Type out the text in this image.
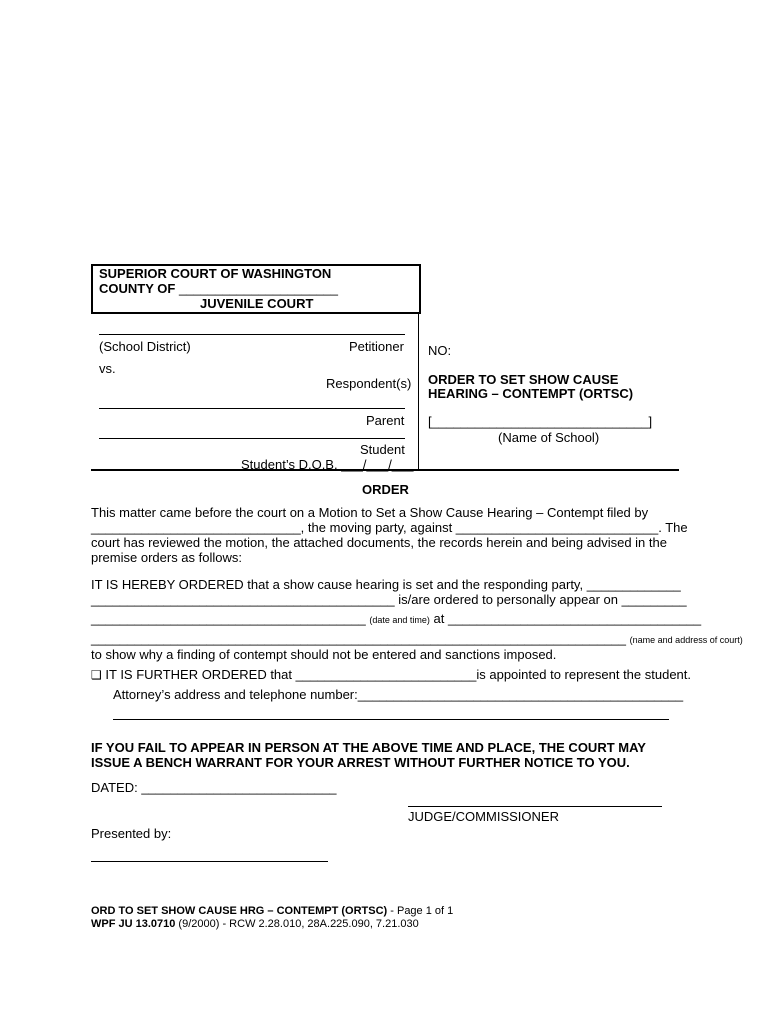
SUPERIOR COURT OF WASHINGTON
COUNTY OF ______________________
JUVENILE COURT
(School District)	Petitioner
vs.
Respondent(s)
Parent
Student
Student’s D.O.B. ___/___/___
NO:
ORDER TO SET SHOW CAUSE
HEARING – CONTEMPT (ORTSC)
[______________________________]
(Name of School)
ORDER
This matter came before the court on a Motion to Set a Show Cause Hearing – Contempt filed by
_____________________________, the moving party, against ____________________________. The
court has reviewed the motion, the attached documents, the records herein and being advised in the
premise orders as follows:
IT IS HEREBY ORDERED that a show cause hearing is set and the responding party, _____________
__________________________________________ is/are ordered to personally appear on _________
______________________________________ (date and time) at ___________________________________
__________________________________________________________________________ (name and address of court)
to show why a finding of contempt should not be entered and sanctions imposed.
❑ IT IS FURTHER ORDERED that _________________________is appointed to represent the student.
Attorney’s address and telephone number:_____________________________________________
IF YOU FAIL TO APPEAR IN PERSON AT THE ABOVE TIME AND PLACE, THE COURT MAY
ISSUE A BENCH WARRANT FOR YOUR ARREST WITHOUT FURTHER NOTICE TO YOU.
DATED: ___________________________
JUDGE/COMMISSIONER
Presented by:
ORD TO SET SHOW CAUSE HRG – CONTEMPT (ORTSC) - Page 1 of 1
WPF JU 13.0710 (9/2000) - RCW 2.28.010, 28A.225.090, 7.21.030
